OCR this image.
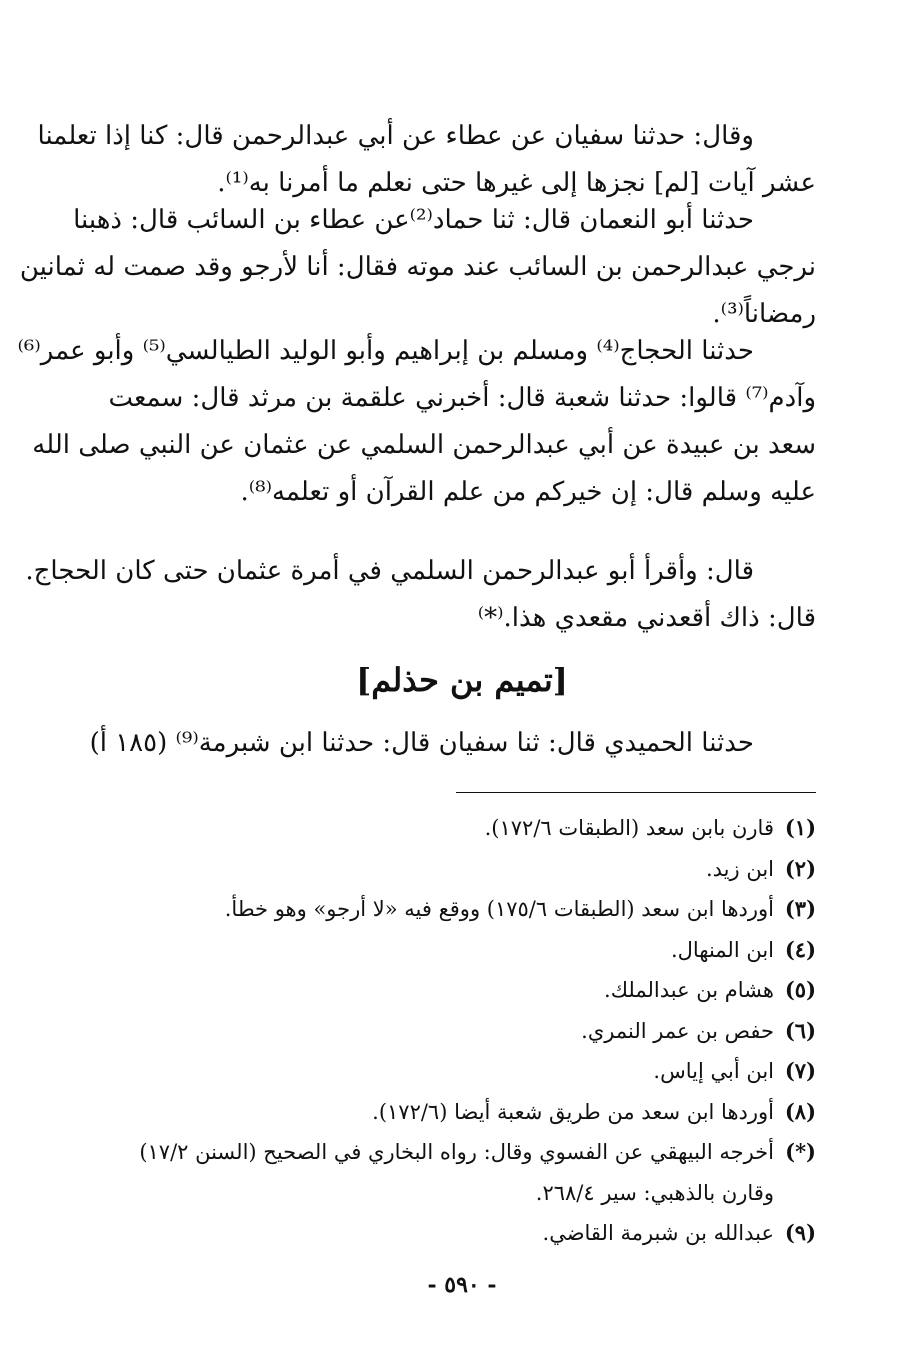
وقال: حدثنا سفيان عن عطاء عن أبي عبدالرحمن قال: كنا إذا تعلمنا
عشر آيات [لم] نجزها إلى غيرها حتى نعلم ما أمرنا به⁽¹⁾.
حدثنا أبو النعمان قال: ثنا حماد⁽²⁾عن عطاء بن السائب قال: ذهبنا
نرجي عبدالرحمن بن السائب عند موته فقال: أنا لأرجو وقد صمت له ثمانين
رمضاناً⁽³⁾.
حدثنا الحجاج⁽⁴⁾ ومسلم بن إبراهيم وأبو الوليد الطيالسي⁽⁵⁾ وأبو عمر⁽⁶⁾
وآدم⁽⁷⁾ قالوا: حدثنا شعبة قال: أخبرني علقمة بن مرثد قال: سمعت
سعد بن عبيدة عن أبي عبدالرحمن السلمي عن عثمان عن النبي صلى الله
عليه وسلم قال: إن خيركم من علم القرآن أو تعلمه⁽⁸⁾.
قال: وأقرأ أبو عبدالرحمن السلمي في أمرة عثمان حتى كان الحجاج.
قال: ذاك أقعدني مقعدي هذا.⁽*⁾
[تميم بن حذلم]
حدثنا الحميدي قال: ثنا سفيان قال: حدثنا ابن شبرمة⁽⁹⁾ (١٨٥ أ)
(١)
قارن بابن سعد (الطبقات ١٧٢/٦).
(٢)
ابن زيد.
(٣)
أوردها ابن سعد (الطبقات ١٧٥/٦) ووقع فيه «لا أرجو» وهو خطأ.
(٤)
ابن المنهال.
(٥)
هشام بن عبدالملك.
(٦)
حفص بن عمر النمري.
(٧)
ابن أبي إياس.
(٨)
أوردها ابن سعد من طريق شعبة أيضا (١٧٢/٦).
(*)
أخرجه البيهقي عن الفسوي وقال: رواه البخاري في الصحيح (السنن ١٧/٢)
وقارن بالذهبي: سير ٢٦٨/٤.
(٩)
عبدالله بن شبرمة القاضي.
- ٥٩٠ -
